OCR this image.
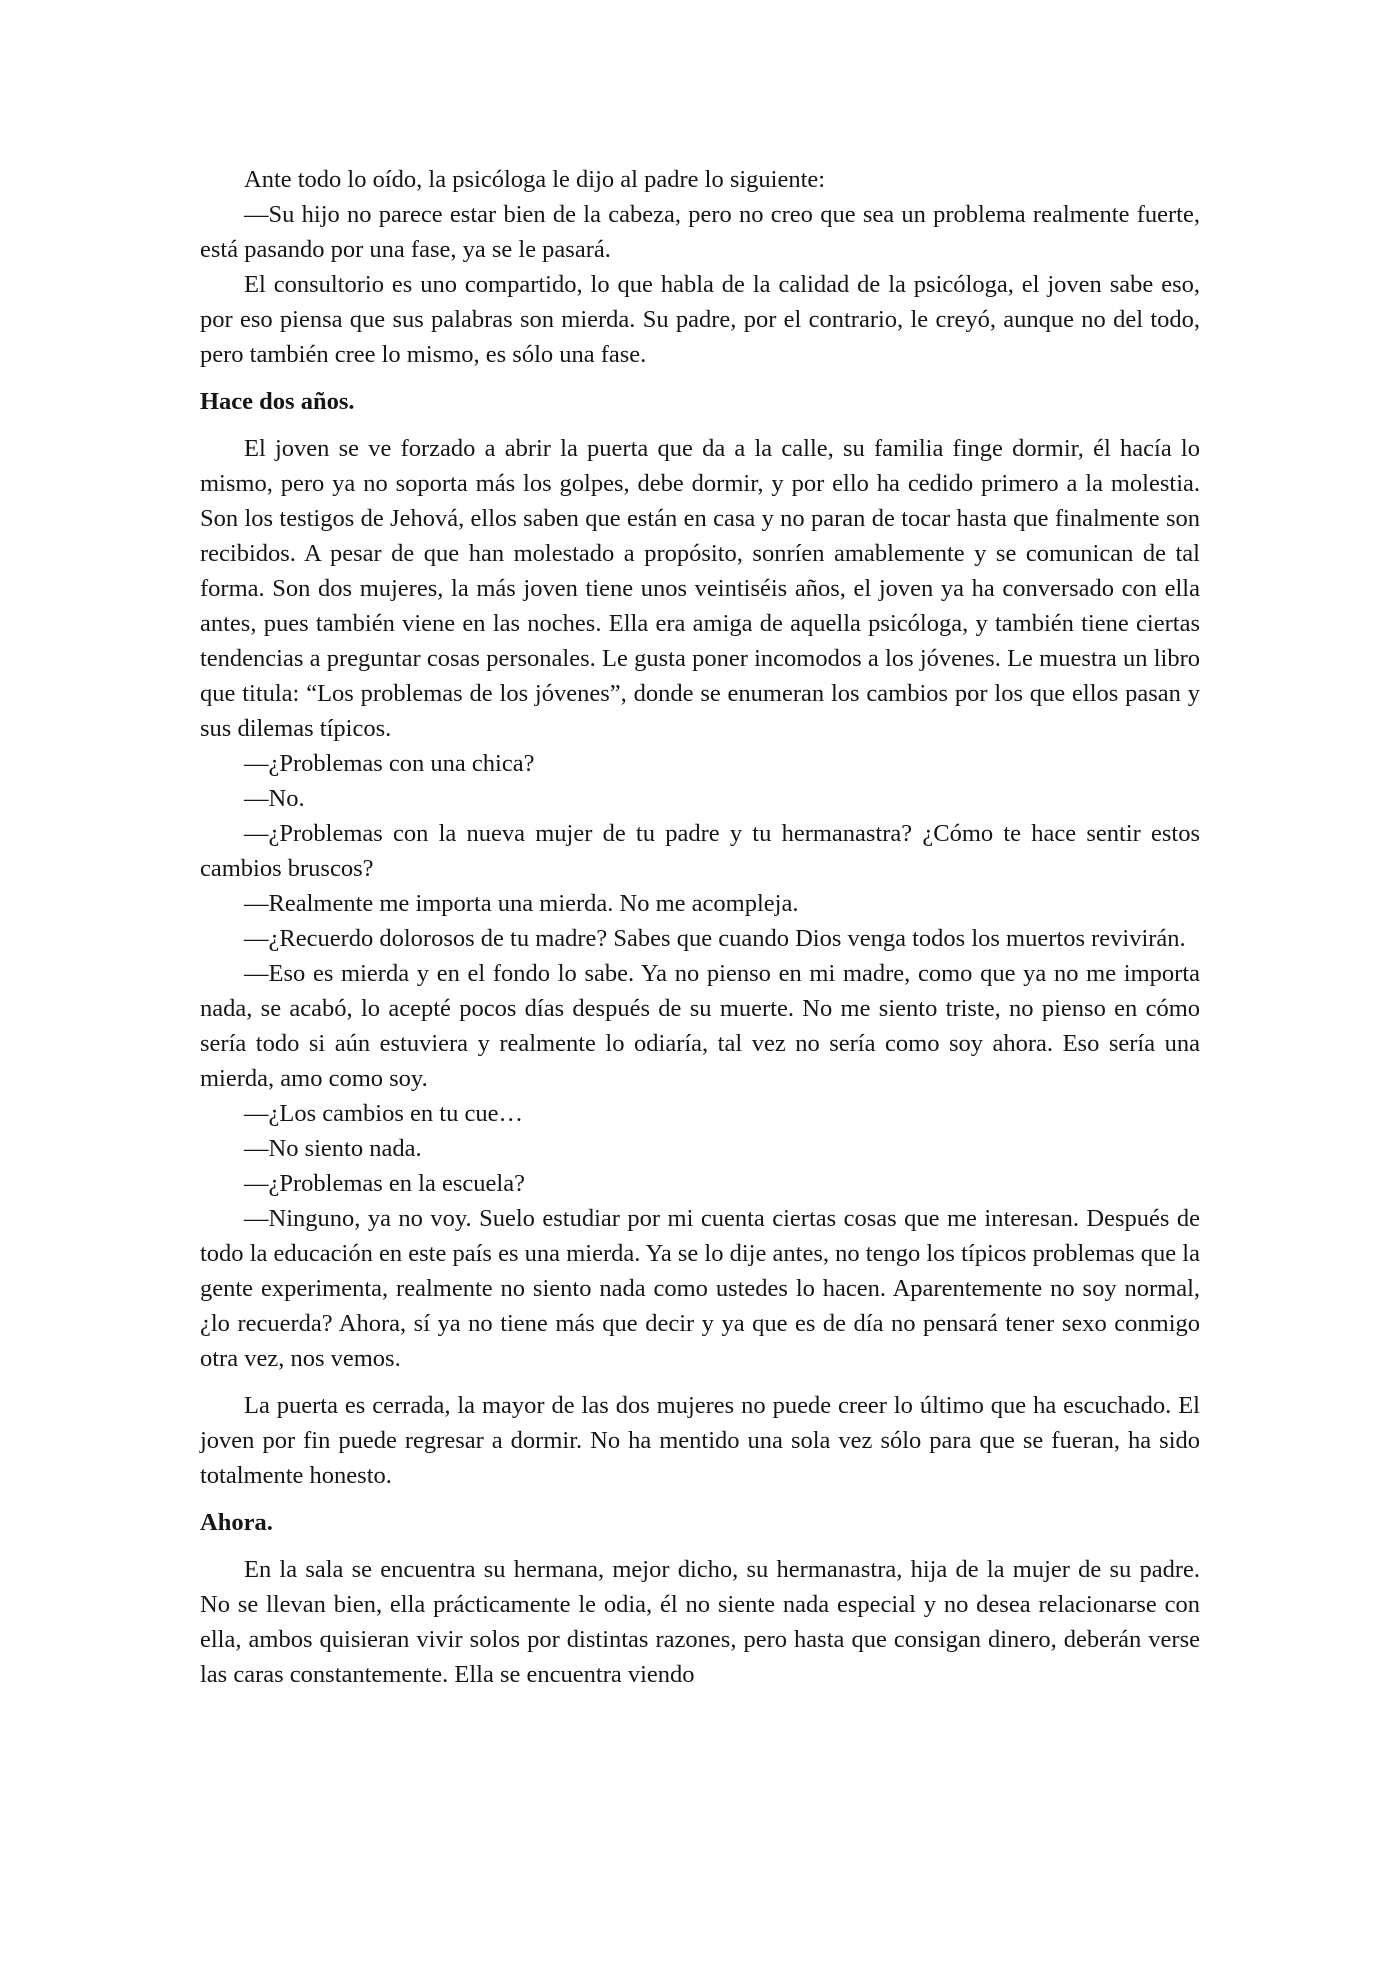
Ante todo lo oído, la psicóloga le dijo al padre lo siguiente:

—Su hijo no parece estar bien de la cabeza, pero no creo que sea un problema realmente fuerte, está pasando por una fase, ya se le pasará.

El consultorio es uno compartido, lo que habla de la calidad de la psicóloga, el joven sabe eso, por eso piensa que sus palabras son mierda. Su padre, por el contrario, le creyó, aunque no del todo, pero también cree lo mismo, es sólo una fase.

Hace dos años.

El joven se ve forzado a abrir la puerta que da a la calle, su familia finge dormir, él hacía lo mismo, pero ya no soporta más los golpes, debe dormir, y por ello ha cedido primero a la molestia. Son los testigos de Jehová, ellos saben que están en casa y no paran de tocar hasta que finalmente son recibidos. A pesar de que han molestado a propósito, sonríen amablemente y se comunican de tal forma. Son dos mujeres, la más joven tiene unos veintiséis años, el joven ya ha conversado con ella antes, pues también viene en las noches. Ella era amiga de aquella psicóloga, y también tiene ciertas tendencias a preguntar cosas personales. Le gusta poner incomodos a los jóvenes. Le muestra un libro que titula: “Los problemas de los jóvenes”, donde se enumeran los cambios por los que ellos pasan y sus dilemas típicos.

—¿Problemas con una chica?

—No.

—¿Problemas con la nueva mujer de tu padre y tu hermanastra? ¿Cómo te hace sentir estos cambios bruscos?

—Realmente me importa una mierda. No me acompleja.

—¿Recuerdo dolorosos de tu madre? Sabes que cuando Dios venga todos los muertos revivirán.

—Eso es mierda y en el fondo lo sabe. Ya no pienso en mi madre, como que ya no me importa nada, se acabó, lo acepté pocos días después de su muerte. No me siento triste, no pienso en cómo sería todo si aún estuviera y realmente lo odiaría, tal vez no sería como soy ahora. Eso sería una mierda, amo como soy.

—¿Los cambios en tu cue…

—No siento nada.

—¿Problemas en la escuela?

—Ninguno, ya no voy. Suelo estudiar por mi cuenta ciertas cosas que me interesan. Después de todo la educación en este país es una mierda. Ya se lo dije antes, no tengo los típicos problemas que la gente experimenta, realmente no siento nada como ustedes lo hacen. Aparentemente no soy normal, ¿lo recuerda? Ahora, sí ya no tiene más que decir y ya que es de día no pensará tener sexo conmigo otra vez, nos vemos.

La puerta es cerrada, la mayor de las dos mujeres no puede creer lo último que ha escuchado. El joven por fin puede regresar a dormir. No ha mentido una sola vez sólo para que se fueran, ha sido totalmente honesto.

Ahora.

En la sala se encuentra su hermana, mejor dicho, su hermanastra, hija de la mujer de su padre. No se llevan bien, ella prácticamente le odia, él no siente nada especial y no desea relacionarse con ella, ambos quisieran vivir solos por distintas razones, pero hasta que consigan dinero, deberán verse las caras constantemente. Ella se encuentra viendo
